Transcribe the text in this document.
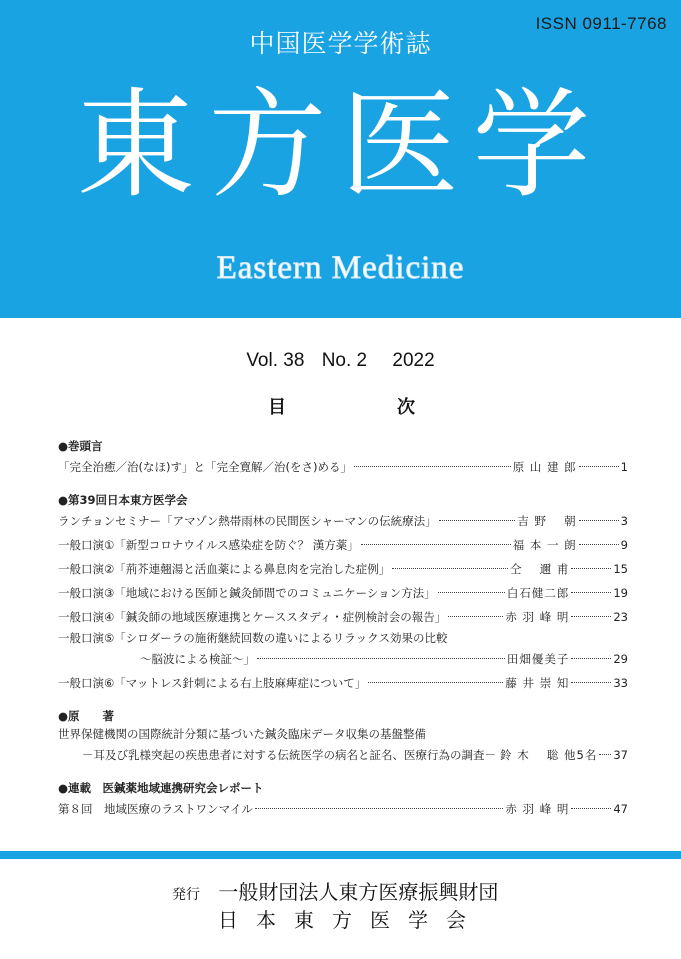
ISSN 0911-7768
中国医学学術誌
東方医学
Eastern Medicine
Vol. 38 No. 2 2022
目	次
●巻頭言
「完全治癒／治(なほ)す」と「完全寛解／治(をさ)める」	原 山 建 郎	1
●第39回日本東方医学会
ランチョンセミナー「アマゾン熱帯雨林の民間医シャーマンの伝統療法」	吉 野 　朝	3
一般口演①「新型コロナウイルス感染症を防ぐ？ 漢方薬」	福 本 一 朗	9
一般口演②「荊芥連翹湯と活血薬による鼻息肉を完治した症例」	仝 　邇 甫	15
一般口演③「地域における医師と鍼灸師間でのコミュニケーション方法」	白石健二郎	19
一般口演④「鍼灸師の地域医療連携とケーススタディ・症例検討会の報告」	赤 羽 峰 明	23
一般口演⑤「シロダーラの施術継続回数の違いによるリラックス効果の比較
～脳波による検証～」	田畑優美子	29
一般口演⑥「マットレス針刺による右上肢麻痺症について」	藤 井 崇 知	33
●原　　著
世界保健機関の国際統計分類に基づいた鍼灸臨床データ収集の基盤整備
－耳及び乳様突起の疾患患者に対する伝統医学の病名と証名、医療行為の調査－ 鈴 木 　聡 他5名 37
●連載　医鍼薬地域連携研究会レポート
第８回　地域医療のラストワンマイル	赤 羽 峰 明	47
発行 一般財団法人東方医療振興財団
日本東方医学会
